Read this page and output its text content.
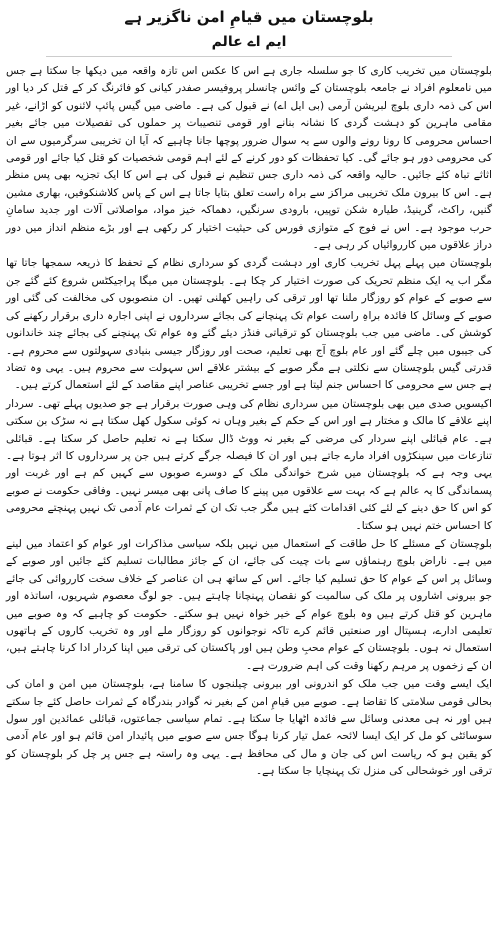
بلوچستان میں قیامِ امن ناگزیر ہے
ایم اے عالم

بلوچستان میں تخریب کاری کا جو سلسلہ جاری ہے اس کا عکس اس تازہ واقعہ میں دیکھا جا سکتا ہے جس میں نامعلوم افراد نے جامعہ بلوچستان کے وائس چانسلر پروفیسر صفدر کیانی کو فائرنگ کر کے قتل کر دیا اور اس کی ذمہ داری بلوچ لبریشن آرمی (بی ایل اے) نے قبول کی ہے۔ ماضی میں گیس پائپ لائنوں کو اڑانے، غیر مقامی ماہرین کو دہشت گردی کا نشانہ بنانے اور قومی تنصیبات پر حملوں کی تفصیلات میں جائے بغیر احساس محرومی کا رونا رونے والوں سے یہ سوال ضرور پوچھا جانا چاہیے کہ آیا ان تخریبی سرگرمیوں سے ان کی محرومی دور ہو جائے گی۔ کیا تحفظات کو دور کرنے کے لئے اہم قومی شخصیات کو قتل کیا جائے اور قومی اثاثے تباہ کئے جائیں۔ حالیہ واقعہ کی ذمہ داری جس تنظیم نے قبول کی ہے اس کا ایک تجزیہ بھی پس منظر ہے۔ اس کا بیرون ملک تخریبی مراکز سے براہ راست تعلق بتایا جاتا ہے اس کے پاس کلاشنکوفیں، بھاری مشین گنیں، راکٹ، گرینیڈ، طیارہ شکن توپیں، بارودی سرنگیں، دھماکہ خیز مواد، مواصلاتی آلات اور جدید سامانِ حرب موجود ہے۔ اس نے فوج کے متوازی فورس کی حیثیت اختیار کر رکھی ہے اور بڑے منظم انداز میں دور دراز علاقوں میں کارروائیاں کر رہی ہے۔

بلوچستان میں پہلے پہل تخریب کاری اور دہشت گردی کو سرداری نظام کے تحفظ کا ذریعہ سمجھا جاتا تھا مگر اب یہ ایک منظم تحریک کی صورت اختیار کر چکا ہے۔ بلوچستان میں میگا پراجیکٹس شروع کئے گئے جن سے صوبے کے عوام کو روزگار ملنا تھا اور ترقی کی راہیں کھلنی تھیں۔ ان منصوبوں کی مخالفت کی گئی اور صوبے کے وسائل کا فائدہ براہِ راست عوام تک پہنچانے کی بجائے سرداروں نے اپنی اجارہ داری برقرار رکھنے کی کوشش کی۔ ماضی میں جب بلوچستان کو ترقیاتی فنڈز دیئے گئے وہ عوام تک پہنچنے کی بجائے چند خاندانوں کی جیبوں میں چلے گئے اور عام بلوچ آج بھی تعلیم، صحت اور روزگار جیسی بنیادی سہولتوں سے محروم ہے۔ قدرتی گیس بلوچستان سے نکلتی ہے مگر صوبے کے بیشتر علاقے اس سہولت سے محروم ہیں۔ یہی وہ تضاد ہے جس سے محرومی کا احساس جنم لیتا ہے اور جسے تخریبی عناصر اپنے مقاصد کے لئے استعمال کرتے ہیں۔

اکیسویں صدی میں بھی بلوچستان میں سرداری نظام کی وہی صورت برقرار ہے جو صدیوں پہلے تھی۔ سردار اپنے علاقے کا مالک و مختار ہے اور اس کے حکم کے بغیر وہاں نہ کوئی سکول کھل سکتا ہے نہ سڑک بن سکتی ہے۔ عام قبائلی اپنے سردار کی مرضی کے بغیر نہ ووٹ ڈال سکتا ہے نہ تعلیم حاصل کر سکتا ہے۔ قبائلی تنازعات میں سینکڑوں افراد مارے جاتے ہیں اور ان کا فیصلہ جرگے کرتے ہیں جن پر سرداروں کا اثر ہوتا ہے۔ یہی وجہ ہے کہ بلوچستان میں شرح خواندگی ملک کے دوسرے صوبوں سے کہیں کم ہے اور غربت اور پسماندگی کا یہ عالم ہے کہ بہت سے علاقوں میں پینے کا صاف پانی بھی میسر نہیں۔ وفاقی حکومت نے صوبے کو اس کا حق دینے کے لئے کئی اقدامات کئے ہیں مگر جب تک ان کے ثمرات عام آدمی تک نہیں پہنچتے محرومی کا احساس ختم نہیں ہو سکتا۔

بلوچستان کے مسئلے کا حل طاقت کے استعمال میں نہیں بلکہ سیاسی مذاکرات اور عوام کو اعتماد میں لینے میں ہے۔ ناراض بلوچ رہنماؤں سے بات چیت کی جائے، ان کے جائز مطالبات تسلیم کئے جائیں اور صوبے کے وسائل پر اس کے عوام کا حق تسلیم کیا جائے۔ اس کے ساتھ ہی ان عناصر کے خلاف سخت کارروائی کی جائے جو بیرونی اشاروں پر ملک کی سالمیت کو نقصان پہنچانا چاہتے ہیں۔ جو لوگ معصوم شہریوں، اساتذہ اور ماہرین کو قتل کرتے ہیں وہ بلوچ عوام کے خیر خواہ نہیں ہو سکتے۔ حکومت کو چاہیے کہ وہ صوبے میں تعلیمی ادارے، ہسپتال اور صنعتیں قائم کرے تاکہ نوجوانوں کو روزگار ملے اور وہ تخریب کاروں کے ہاتھوں استعمال نہ ہوں۔ بلوچستان کے عوام محبِ وطن ہیں اور پاکستان کی ترقی میں اپنا کردار ادا کرنا چاہتے ہیں، ان کے زخموں پر مرہم رکھنا وقت کی اہم ضرورت ہے۔

ایک ایسے وقت میں جب ملک کو اندرونی اور بیرونی چیلنجوں کا سامنا ہے، بلوچستان میں امن و امان کی بحالی قومی سلامتی کا تقاضا ہے۔ صوبے میں قیامِ امن کے بغیر نہ گوادر بندرگاہ کے ثمرات حاصل کئے جا سکتے ہیں اور نہ ہی معدنی وسائل سے فائدہ اٹھایا جا سکتا ہے۔ تمام سیاسی جماعتوں، قبائلی عمائدین اور سول سوسائٹی کو مل کر ایک ایسا لائحہ عمل تیار کرنا ہوگا جس سے صوبے میں پائیدار امن قائم ہو اور عام آدمی کو یقین ہو کہ ریاست اس کی جان و مال کی محافظ ہے۔ یہی وہ راستہ ہے جس پر چل کر بلوچستان کو ترقی اور خوشحالی کی منزل تک پہنچایا جا سکتا ہے۔
